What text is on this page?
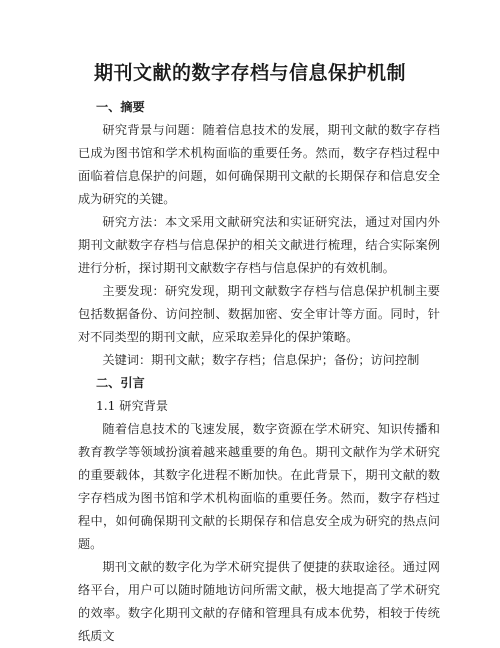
期刊文献的数字存档与信息保护机制
一、摘要

研究背景与问题：随着信息技术的发展，期刊文献的数字存档已成为图书馆和学术机构面临的重要任务。然而，数字存档过程中面临着信息保护的问题，如何确保期刊文献的长期保存和信息安全成为研究的关键。

研究方法：本文采用文献研究法和实证研究法，通过对国内外期刊文献数字存档与信息保护的相关文献进行梳理，结合实际案例进行分析，探讨期刊文献数字存档与信息保护的有效机制。

主要发现：研究发现，期刊文献数字存档与信息保护机制主要包括数据备份、访问控制、数据加密、安全审计等方面。同时，针对不同类型的期刊文献，应采取差异化的保护策略。

关键词：期刊文献；数字存档；信息保护；备份；访问控制

二、引言
1.1 研究背景

随着信息技术的飞速发展，数字资源在学术研究、知识传播和教育教学等领域扮演着越来越重要的角色。期刊文献作为学术研究的重要载体，其数字化进程不断加快。在此背景下，期刊文献的数字存档成为图书馆和学术机构面临的重要任务。然而，数字存档过程中，如何确保期刊文献的长期保存和信息安全成为研究的热点问题。

期刊文献的数字化为学术研究提供了便捷的获取途径。通过网络平台，用户可以随时随地访问所需文献，极大地提高了学术研究的效率。数字化期刊文献的存储和管理具有成本优势，相较于传统纸质文
